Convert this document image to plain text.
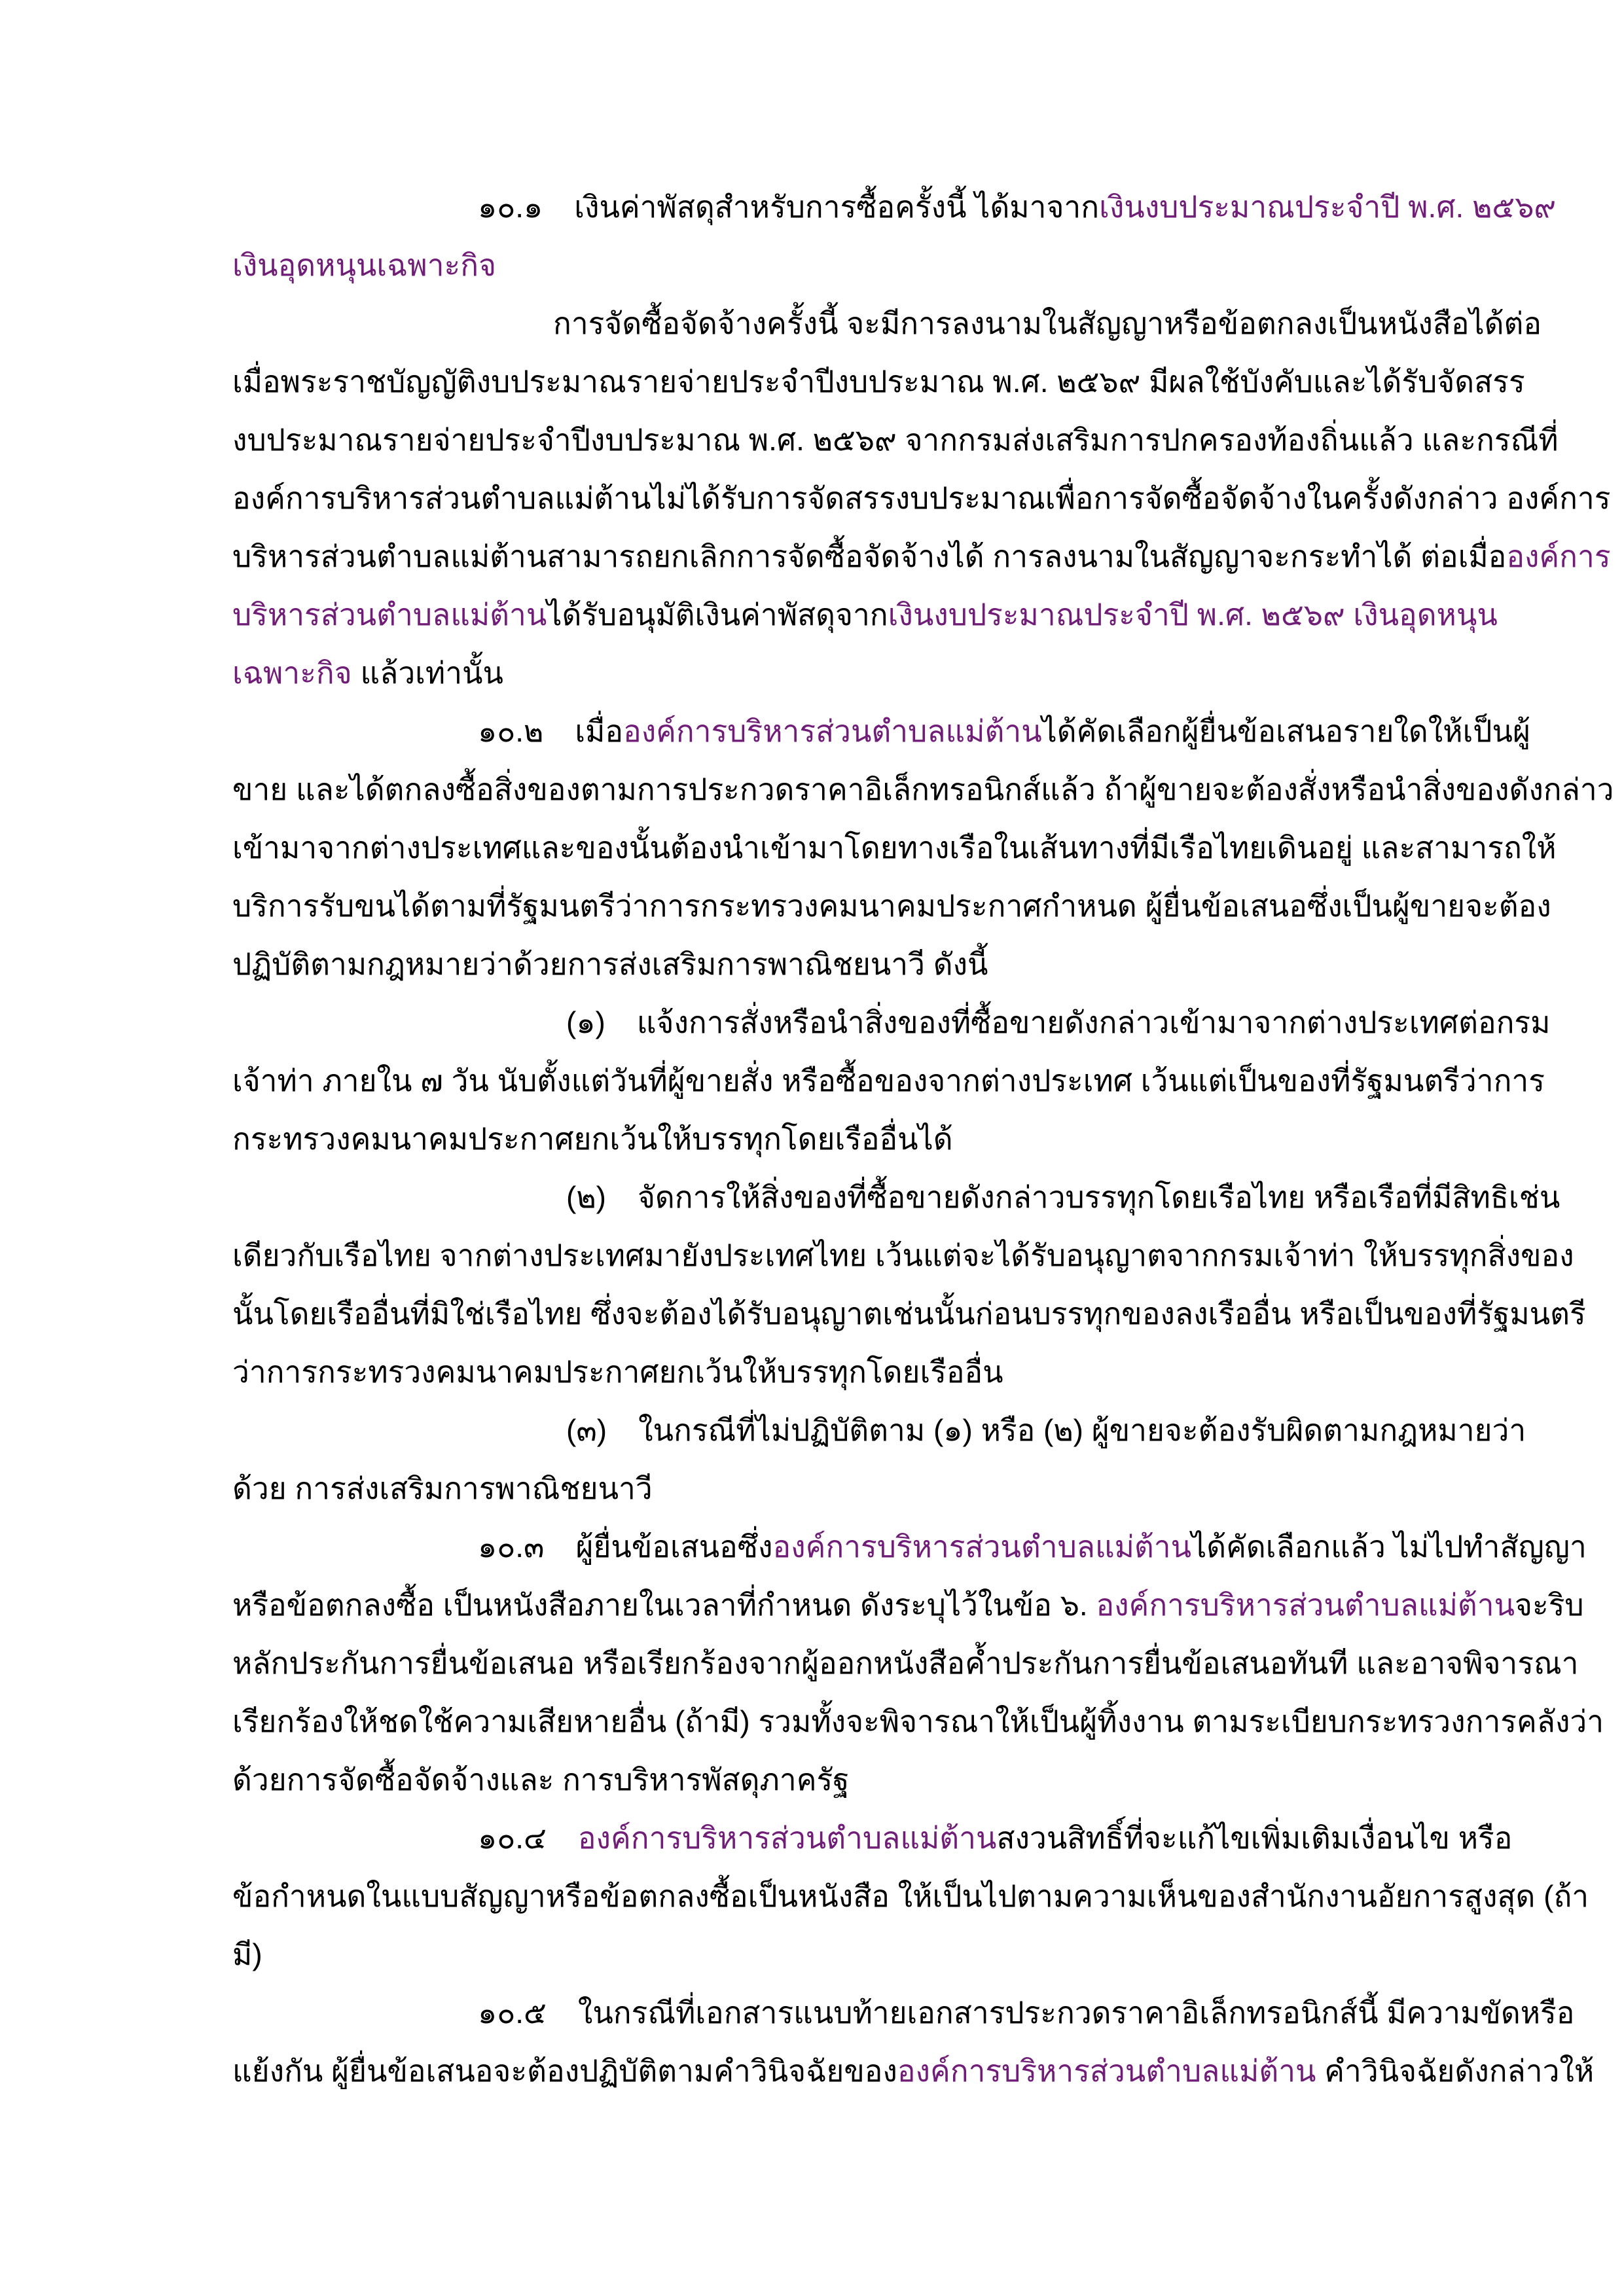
๑๐.๑ เงินค่าพัสดุสำหรับการซื้อครั้งนี้ ได้มาจากเงินงบประมาณประจำปี พ.ศ. ๒๕๖๙
เงินอุดหนุนเฉพาะกิจ
การจัดซื้อจัดจ้างครั้งนี้ จะมีการลงนามในสัญญาหรือข้อตกลงเป็นหนังสือได้ต่อ
เมื่อพระราชบัญญัติงบประมาณรายจ่ายประจำปีงบประมาณ พ.ศ. ๒๕๖๙ มีผลใช้บังคับและได้รับจัดสรร
งบประมาณรายจ่ายประจำปีงบประมาณ พ.ศ. ๒๕๖๙ จากกรมส่งเสริมการปกครองท้องถิ่นแล้ว และกรณีที่
องค์การบริหารส่วนตำบลแม่ต้านไม่ได้รับการจัดสรรงบประมาณเพื่อการจัดซื้อจัดจ้างในครั้งดังกล่าว องค์การ
บริหารส่วนตำบลแม่ต้านสามารถยกเลิกการจัดซื้อจัดจ้างได้ การลงนามในสัญญาจะกระทำได้ ต่อเมื่อองค์การ
บริหารส่วนตำบลแม่ต้านได้รับอนุมัติเงินค่าพัสดุจากเงินงบประมาณประจำปี พ.ศ. ๒๕๖๙ เงินอุดหนุน
เฉพาะกิจ แล้วเท่านั้น
๑๐.๒ เมื่อองค์การบริหารส่วนตำบลแม่ต้านได้คัดเลือกผู้ยื่นข้อเสนอรายใดให้เป็นผู้
ขาย และได้ตกลงซื้อสิ่งของตามการประกวดราคาอิเล็กทรอนิกส์แล้ว ถ้าผู้ขายจะต้องสั่งหรือนำสิ่งของดังกล่าว
เข้ามาจากต่างประเทศและของนั้นต้องนำเข้ามาโดยทางเรือในเส้นทางที่มีเรือไทยเดินอยู่ และสามารถให้
บริการรับขนได้ตามที่รัฐมนตรีว่าการกระทรวงคมนาคมประกาศกำหนด ผู้ยื่นข้อเสนอซึ่งเป็นผู้ขายจะต้อง
ปฏิบัติตามกฎหมายว่าด้วยการส่งเสริมการพาณิชยนาวี ดังนี้
(๑) แจ้งการสั่งหรือนำสิ่งของที่ซื้อขายดังกล่าวเข้ามาจากต่างประเทศต่อกรม
เจ้าท่า ภายใน ๗ วัน นับตั้งแต่วันที่ผู้ขายสั่ง หรือซื้อของจากต่างประเทศ เว้นแต่เป็นของที่รัฐมนตรีว่าการ
กระทรวงคมนาคมประกาศยกเว้นให้บรรทุกโดยเรืออื่นได้
(๒) จัดการให้สิ่งของที่ซื้อขายดังกล่าวบรรทุกโดยเรือไทย หรือเรือที่มีสิทธิเช่น
เดียวกับเรือไทย จากต่างประเทศมายังประเทศไทย เว้นแต่จะได้รับอนุญาตจากกรมเจ้าท่า ให้บรรทุกสิ่งของ
นั้นโดยเรืออื่นที่มิใช่เรือไทย ซึ่งจะต้องได้รับอนุญาตเช่นนั้นก่อนบรรทุกของลงเรืออื่น หรือเป็นของที่รัฐมนตรี
ว่าการกระทรวงคมนาคมประกาศยกเว้นให้บรรทุกโดยเรืออื่น
(๓) ในกรณีที่ไม่ปฏิบัติตาม (๑) หรือ (๒) ผู้ขายจะต้องรับผิดตามกฎหมายว่า
ด้วย การส่งเสริมการพาณิชยนาวี
๑๐.๓ ผู้ยื่นข้อเสนอซึ่งองค์การบริหารส่วนตำบลแม่ต้านได้คัดเลือกแล้ว ไม่ไปทำสัญญา
หรือข้อตกลงซื้อ เป็นหนังสือภายในเวลาที่กำหนด ดังระบุไว้ในข้อ ๖. องค์การบริหารส่วนตำบลแม่ต้านจะริบ
หลักประกันการยื่นข้อเสนอ หรือเรียกร้องจากผู้ออกหนังสือค้ำประกันการยื่นข้อเสนอทันที และอาจพิจารณา
เรียกร้องให้ชดใช้ความเสียหายอื่น (ถ้ามี) รวมทั้งจะพิจารณาให้เป็นผู้ทิ้งงาน ตามระเบียบกระทรวงการคลังว่า
ด้วยการจัดซื้อจัดจ้างและ การบริหารพัสดุภาครัฐ
๑๐.๔ องค์การบริหารส่วนตำบลแม่ต้านสงวนสิทธิ์ที่จะแก้ไขเพิ่มเติมเงื่อนไข หรือ
ข้อกำหนดในแบบสัญญาหรือข้อตกลงซื้อเป็นหนังสือ ให้เป็นไปตามความเห็นของสำนักงานอัยการสูงสุด (ถ้า
มี)
๑๐.๕ ในกรณีที่เอกสารแนบท้ายเอกสารประกวดราคาอิเล็กทรอนิกส์นี้ มีความขัดหรือ
แย้งกัน ผู้ยื่นข้อเสนอจะต้องปฏิบัติตามคำวินิจฉัยขององค์การบริหารส่วนตำบลแม่ต้าน คำวินิจฉัยดังกล่าวให้
